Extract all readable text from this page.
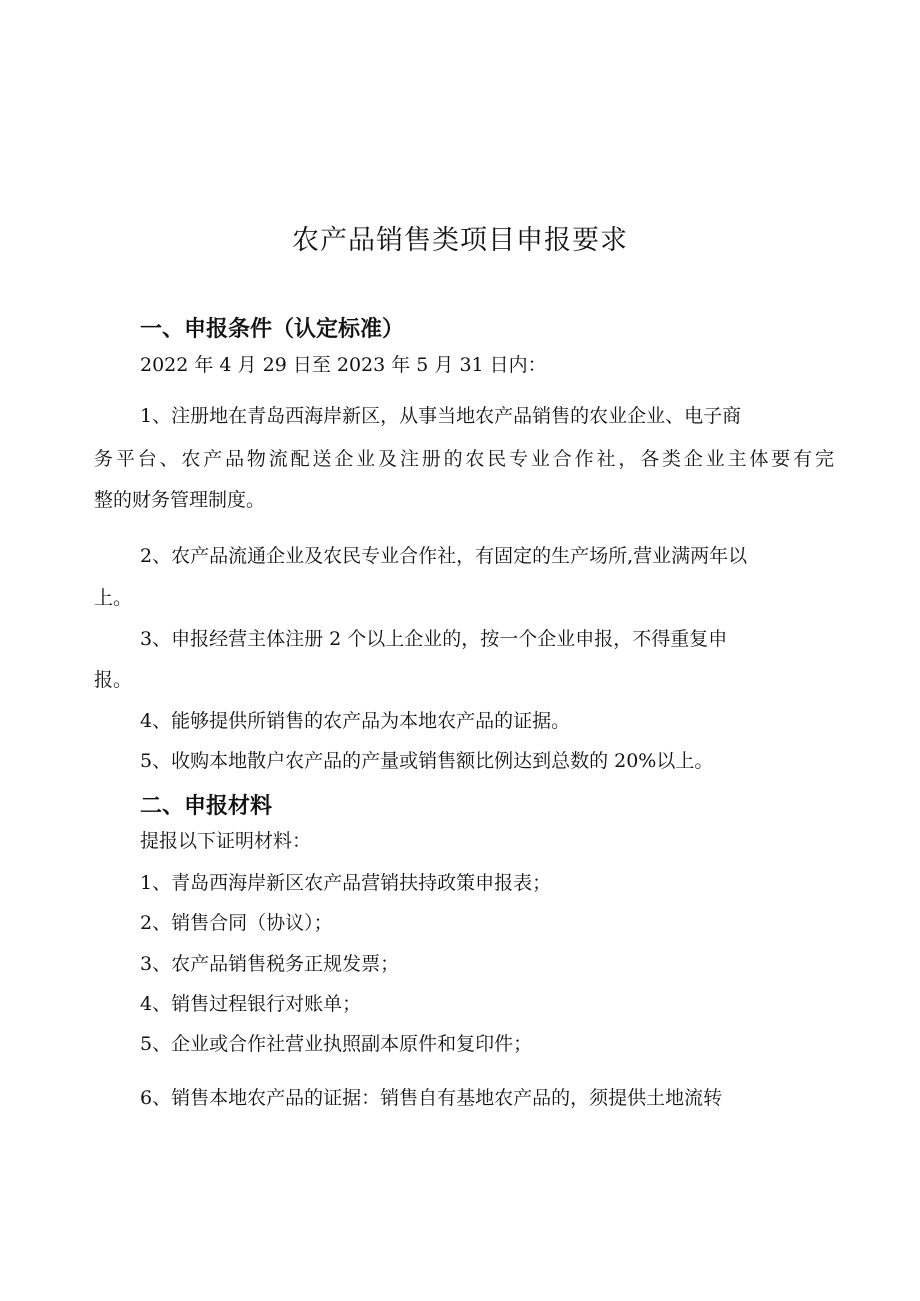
农产品销售类项目申报要求
一、申报条件（认定标准）

2022 年 4 月 29 日至 2023 年 5 月 31 日内：

1、注册地在青岛西海岸新区，从事当地农产品销售的农业企业、电子商

务平台、农产品物流配送企业及注册的农民专业合作社，各类企业主体要有完

整的财务管理制度。

2、农产品流通企业及农民专业合作社，有固定的生产场所,营业满两年以

上。

3、申报经营主体注册 2 个以上企业的，按一个企业申报，不得重复申

报。

4、能够提供所销售的农产品为本地农产品的证据。

5、收购本地散户农产品的产量或销售额比例达到总数的 20%以上。

二、申报材料

提报以下证明材料：

1、青岛西海岸新区农产品营销扶持政策申报表；

2、销售合同（协议）；

3、农产品销售税务正规发票；

4、销售过程银行对账单；

5、企业或合作社营业执照副本原件和复印件；

6、销售本地农产品的证据：销售自有基地农产品的，须提供土地流转
